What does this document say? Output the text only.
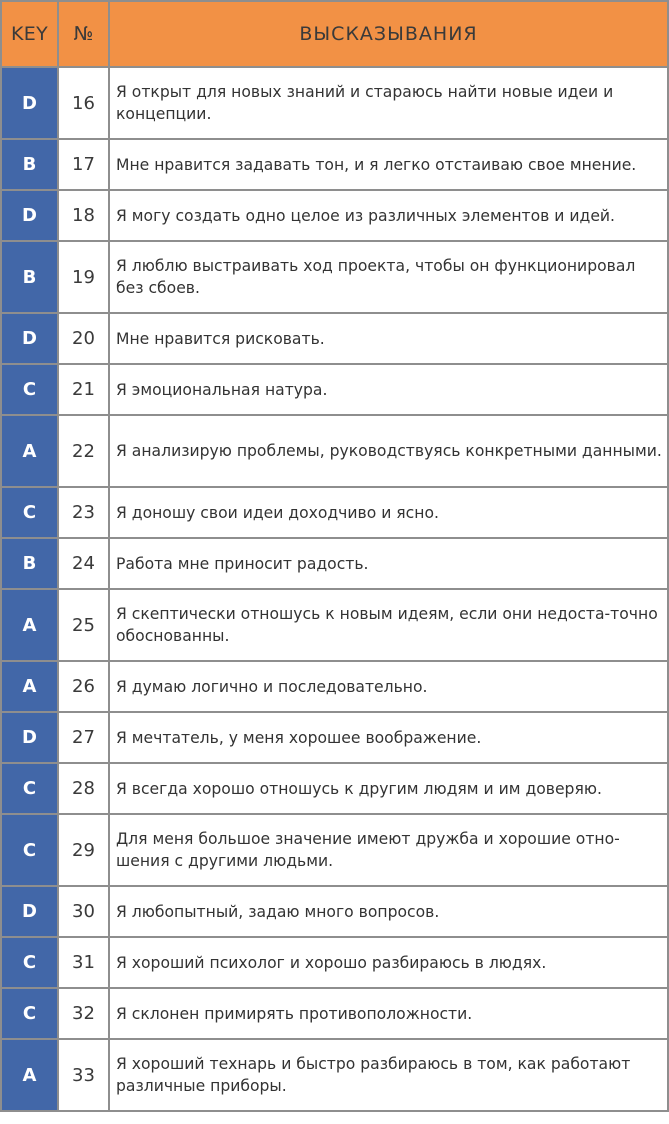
KEY	№	ВЫСКАЗЫВАНИЯ
D	16	Я открыт для новых знаний и стараюсь найти новые идеи и концепции.
B	17	Мне нравится задавать тон, и я легко отстаиваю свое мнение.
D	18	Я могу создать одно целое из различных элементов и идей.
B	19	Я люблю выстраивать ход проекта, чтобы он функционировал без сбоев.
D	20	Мне нравится рисковать.
C	21	Я эмоциональная натура.
A	22	Я анализирую проблемы, руководствуясь конкретными данными.
C	23	Я доношу свои идеи доходчиво и ясно.
B	24	Работа мне приносит радость.
A	25	Я скептически отношусь к новым идеям, если они недоста-точно обоснованны.
A	26	Я думаю логично и последовательно.
D	27	Я мечтатель, у меня хорошее воображение.
C	28	Я всегда хорошо отношусь к другим людям и им доверяю.
C	29	Для меня большое значение имеют дружба и хорошие отно-шения с другими людьми.
D	30	Я любопытный, задаю много вопросов.
C	31	Я хороший психолог и хорошо разбираюсь в людях.
C	32	Я склонен примирять противоположности.
A	33	Я хороший технарь и быстро разбираюсь в том, как работают различные приборы.
